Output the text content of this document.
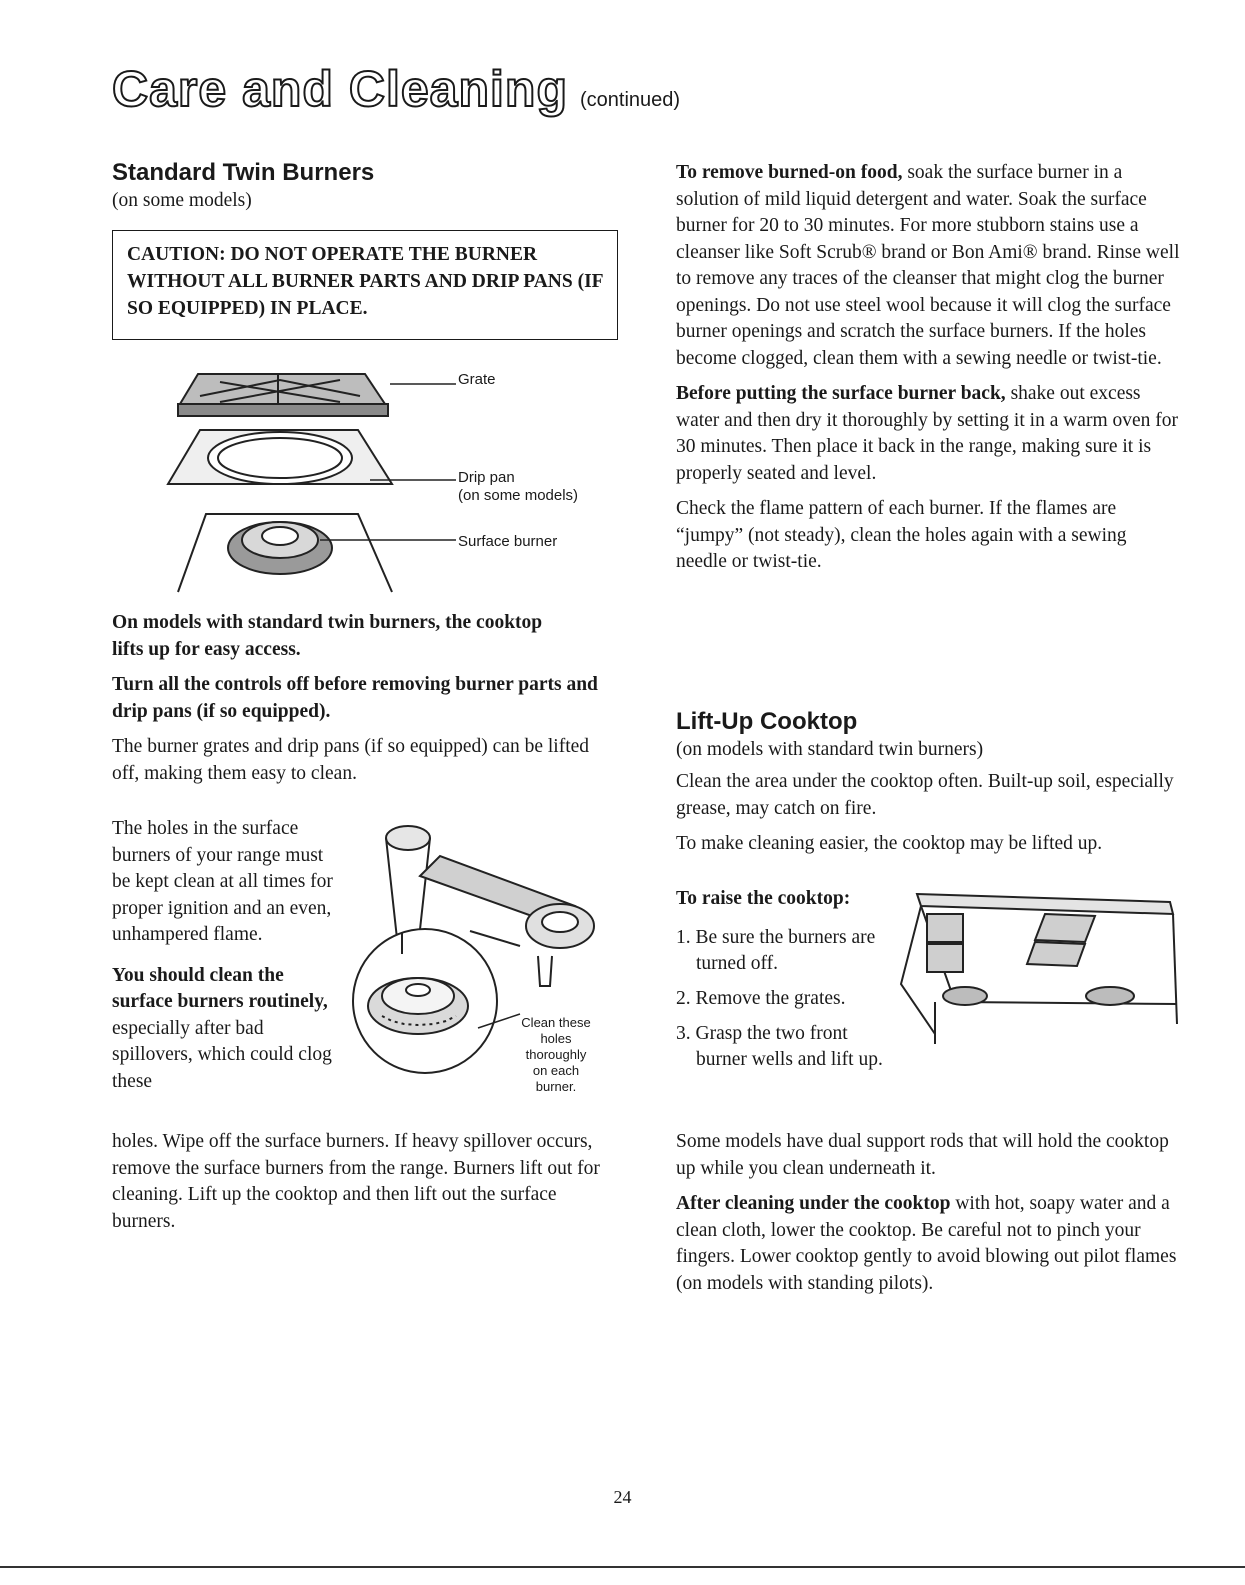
Care and Cleaning (continued)
Standard Twin Burners
(on some models)
CAUTION: DO NOT OPERATE THE BURNER WITHOUT ALL BURNER PARTS AND DRIP PANS (IF SO EQUIPPED) IN PLACE.
Grate
Drip pan
(on some models)
Surface burner

On models with standard twin burners, the cooktop lifts up for easy access.

Turn all the controls off before removing burner parts and drip pans (if so equipped).

The burner grates and drip pans (if so equipped) can be lifted off, making them easy to clean.

The holes in the surface burners of your range must be kept clean at all times for proper ignition and an even, unhampered flame.

You should clean the surface burners routinely, especially after bad spillovers, which could clog these

Clean these
holes
thoroughly
on each
burner.

holes. Wipe off the surface burners. If heavy spillover occurs, remove the surface burners from the range. Burners lift out for cleaning. Lift up the cooktop and then lift out the surface burners.

To remove burned-on food, soak the surface burner in a solution of mild liquid detergent and water. Soak the surface burner for 20 to 30 minutes. For more stubborn stains use a cleanser like Soft Scrub® brand or Bon Ami® brand. Rinse well to remove any traces of the cleanser that might clog the burner openings. Do not use steel wool because it will clog the surface burner openings and scratch the surface burners. If the holes become clogged, clean them with a sewing needle or twist-tie.

Before putting the surface burner back, shake out excess water and then dry it thoroughly by setting it in a warm oven for 30 minutes. Then place it back in the range, making sure it is properly seated and level.

Check the flame pattern of each burner. If the flames are “jumpy” (not steady), clean the holes again with a sewing needle or twist-tie.

Lift-Up Cooktop
(on models with standard twin burners)

Clean the area under the cooktop often. Built-up soil, especially grease, may catch on fire.

To make cleaning easier, the cooktop may be lifted up.

To raise the cooktop:

1. Be sure the burners are turned off.
2. Remove the grates.
3. Grasp the two front burner wells and lift up.

Some models have dual support rods that will hold the cooktop up while you clean underneath it.

After cleaning under the cooktop with hot, soapy water and a clean cloth, lower the cooktop. Be careful not to pinch your fingers. Lower cooktop gently to avoid blowing out pilot flames (on models with standing pilots).

24
